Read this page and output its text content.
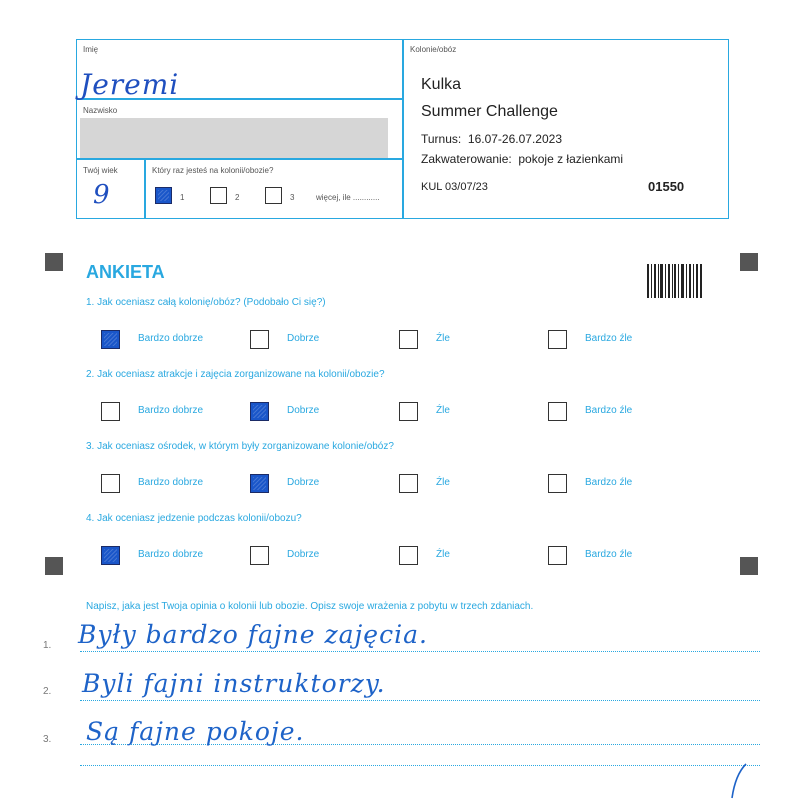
Imię
Jeremi
Nazwisko
Twój wiek
9
Który raz jesteś na kolonii/obozie?
1	2	3	więcej, ile ............
Kolonie/obóz
Kulka
Summer Challenge
Turnus:  16.07-26.07.2023
Zakwaterowanie:  pokoje z łazienkami
KUL 03/07/23	01550
ANKIETA
1. Jak oceniasz całą kolonię/obóz? (Podobało Ci się?)
2. Jak oceniasz atrakcje i zajęcia zorganizowane na kolonii/obozie?
3. Jak oceniasz ośrodek, w którym były zorganizowane kolonie/obóz?
4. Jak oceniasz jedzenie podczas kolonii/obozu?
Bardzo dobrze	Dobrze	Źle	Bardzo źle
Bardzo dobrze	Dobrze	Źle	Bardzo źle
Bardzo dobrze	Dobrze	Źle	Bardzo źle
Bardzo dobrze	Dobrze	Źle	Bardzo źle
Napisz, jaka jest Twoja opinia o kolonii lub obozie. Opisz swoje wrażenia z pobytu w trzech zdaniach.
1. Były bardzo fajne zajęcia.
2. Byli fajni instruktorzy.
3. Są fajne pokoje.
